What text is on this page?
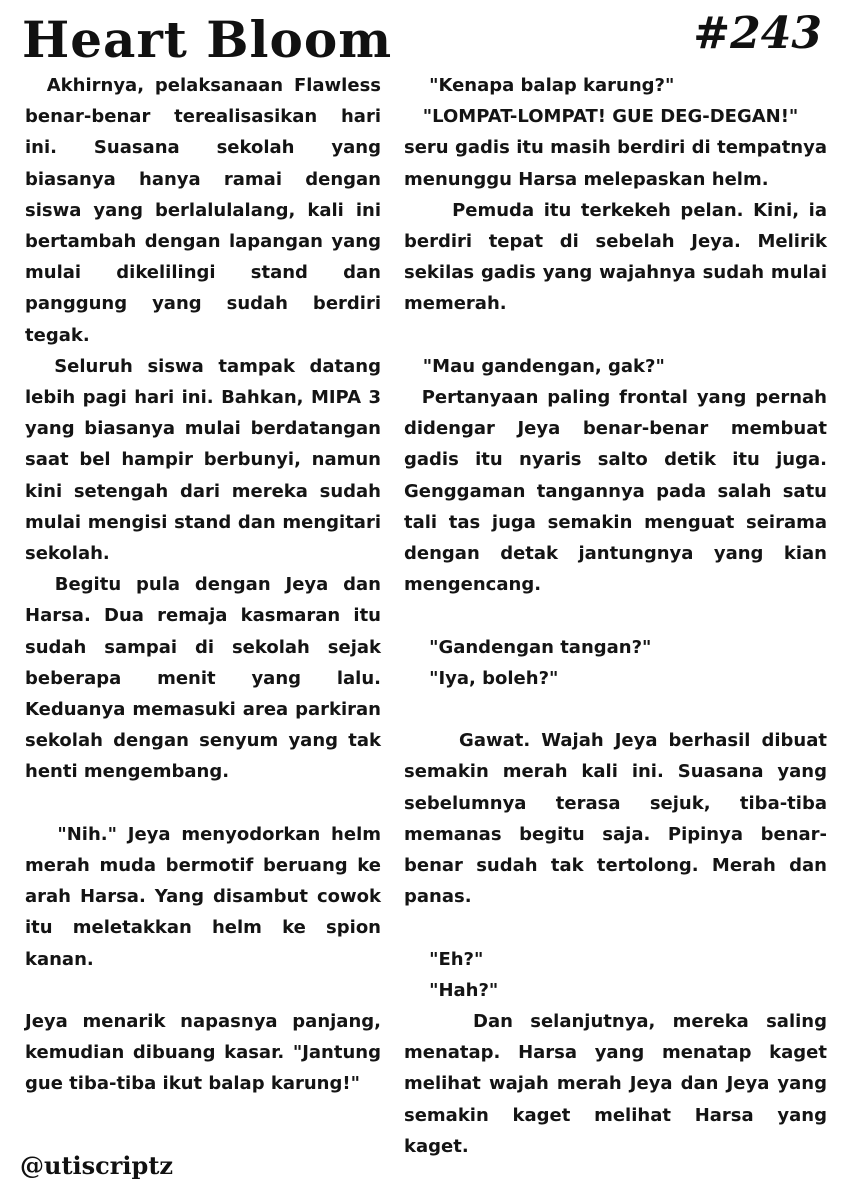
Heart Bloom	#243

Akhirnya, pelaksanaan Flawless benar-benar terealisasikan hari ini. Suasana sekolah yang biasanya hanya ramai dengan siswa yang berlalulalang, kali ini bertambah dengan lapangan yang mulai dikelilingi stand dan panggung yang sudah berdiri tegak.

Seluruh siswa tampak datang lebih pagi hari ini. Bahkan, MIPA 3 yang biasanya mulai berdatangan saat bel hampir berbunyi, namun kini setengah dari mereka sudah mulai mengisi stand dan mengitari sekolah.

Begitu pula dengan Jeya dan Harsa. Dua remaja kasmaran itu sudah sampai di sekolah sejak beberapa menit yang lalu. Keduanya memasuki area parkiran sekolah dengan senyum yang tak henti mengembang.

"Nih." Jeya menyodorkan helm merah muda bermotif beruang ke arah Harsa. Yang disambut cowok itu meletakkan helm ke spion kanan.

Jeya menarik napasnya panjang, kemudian dibuang kasar. "Jantung gue tiba-tiba ikut balap karung!"

"Kenapa balap karung?"

"LOMPAT-LOMPAT! GUE DEG-DEGAN!"

seru gadis itu masih berdiri di tempatnya menunggu Harsa melepaskan helm.

Pemuda itu terkekeh pelan. Kini, ia berdiri tepat di sebelah Jeya. Melirik sekilas gadis yang wajahnya sudah mulai memerah.

"Mau gandengan, gak?"

Pertanyaan paling frontal yang pernah didengar Jeya benar-benar membuat gadis itu nyaris salto detik itu juga. Genggaman tangannya pada salah satu tali tas juga semakin menguat seirama dengan detak jantungnya yang kian mengencang.

"Gandengan tangan?"

"Iya, boleh?"

Gawat. Wajah Jeya berhasil dibuat semakin merah kali ini. Suasana yang sebelumnya terasa sejuk, tiba-tiba memanas begitu saja. Pipinya benar-benar sudah tak tertolong. Merah dan panas.

"Eh?"

"Hah?"

Dan selanjutnya, mereka saling menatap. Harsa yang menatap kaget melihat wajah merah Jeya dan Jeya yang semakin kaget melihat Harsa yang kaget.

@utiscriptz
